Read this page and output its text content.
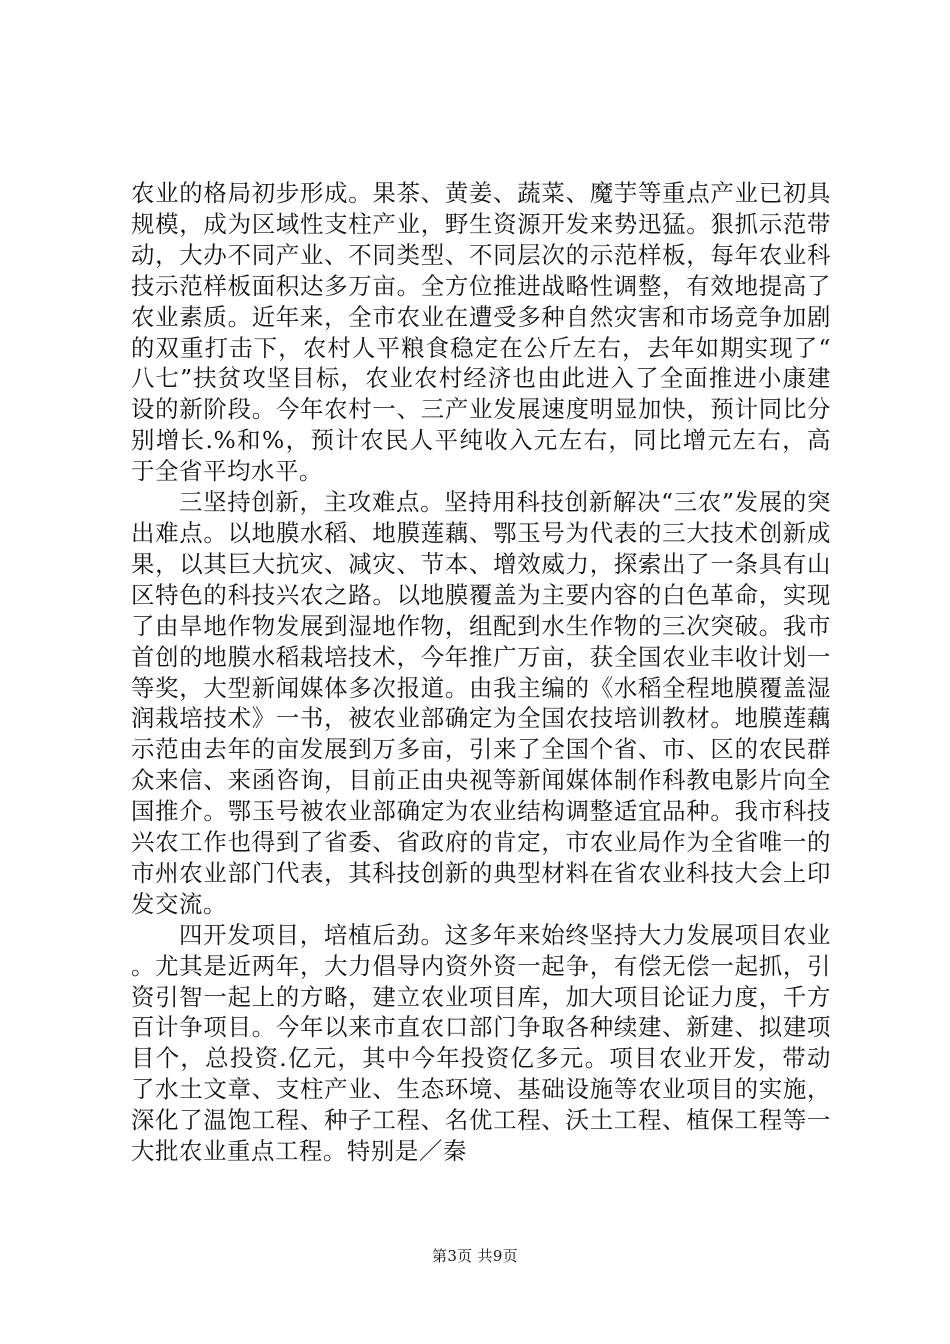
农业的格局初步形成。果茶、黄姜、蔬菜、魔芋等重点产业已初具规模，成为区域性支柱产业，野生资源开发来势迅猛。狠抓示范带动，大办不同产业、不同类型、不同层次的示范样板，每年农业科技示范样板面积达多万亩。全方位推进战略性调整，有效地提高了农业素质。近年来，全市农业在遭受多种自然灾害和市场竞争加剧的双重打击下，农村人平粮食稳定在公斤左右，去年如期实现了“八七”扶贫攻坚目标，农业农村经济也由此进入了全面推进小康建设的新阶段。今年农村一、三产业发展速度明显加快，预计同比分别增长.%和%，预计农民人平纯收入元左右，同比增元左右，高于全省平均水平。

三坚持创新，主攻难点。坚持用科技创新解决“三农”发展的突出难点。以地膜水稻、地膜莲藕、鄂玉号为代表的三大技术创新成果，以其巨大抗灾、减灾、节本、增效威力，探索出了一条具有山区特色的科技兴农之路。以地膜覆盖为主要内容的白色革命，实现了由旱地作物发展到湿地作物，组配到水生作物的三次突破。我市首创的地膜水稻栽培技术，今年推广万亩，获全国农业丰收计划一等奖，大型新闻媒体多次报道。由我主编的《水稻全程地膜覆盖湿润栽培技术》一书，被农业部确定为全国农技培训教材。地膜莲藕示范由去年的亩发展到万多亩，引来了全国个省、市、区的农民群众来信、来函咨询，目前正由央视等新闻媒体制作科教电影片向全国推介。鄂玉号被农业部确定为农业结构调整适宜品种。我市科技兴农工作也得到了省委、省政府的肯定，市农业局作为全省唯一的市州农业部门代表，其科技创新的典型材料在省农业科技大会上印发交流。

四开发项目，培植后劲。这多年来始终坚持大力发展项目农业。尤其是近两年，大力倡导内资外资一起争，有偿无偿一起抓，引资引智一起上的方略，建立农业项目库，加大项目论证力度，千方百计争项目。今年以来市直农口部门争取各种续建、新建、拟建项目个，总投资.亿元，其中今年投资亿多元。项目农业开发，带动了水土文章、支柱产业、生态环境、基础设施等农业项目的实施，深化了温饱工程、种子工程、名优工程、沃土工程、植保工程等一大批农业重点工程。特别是／秦

第3页 共9页
